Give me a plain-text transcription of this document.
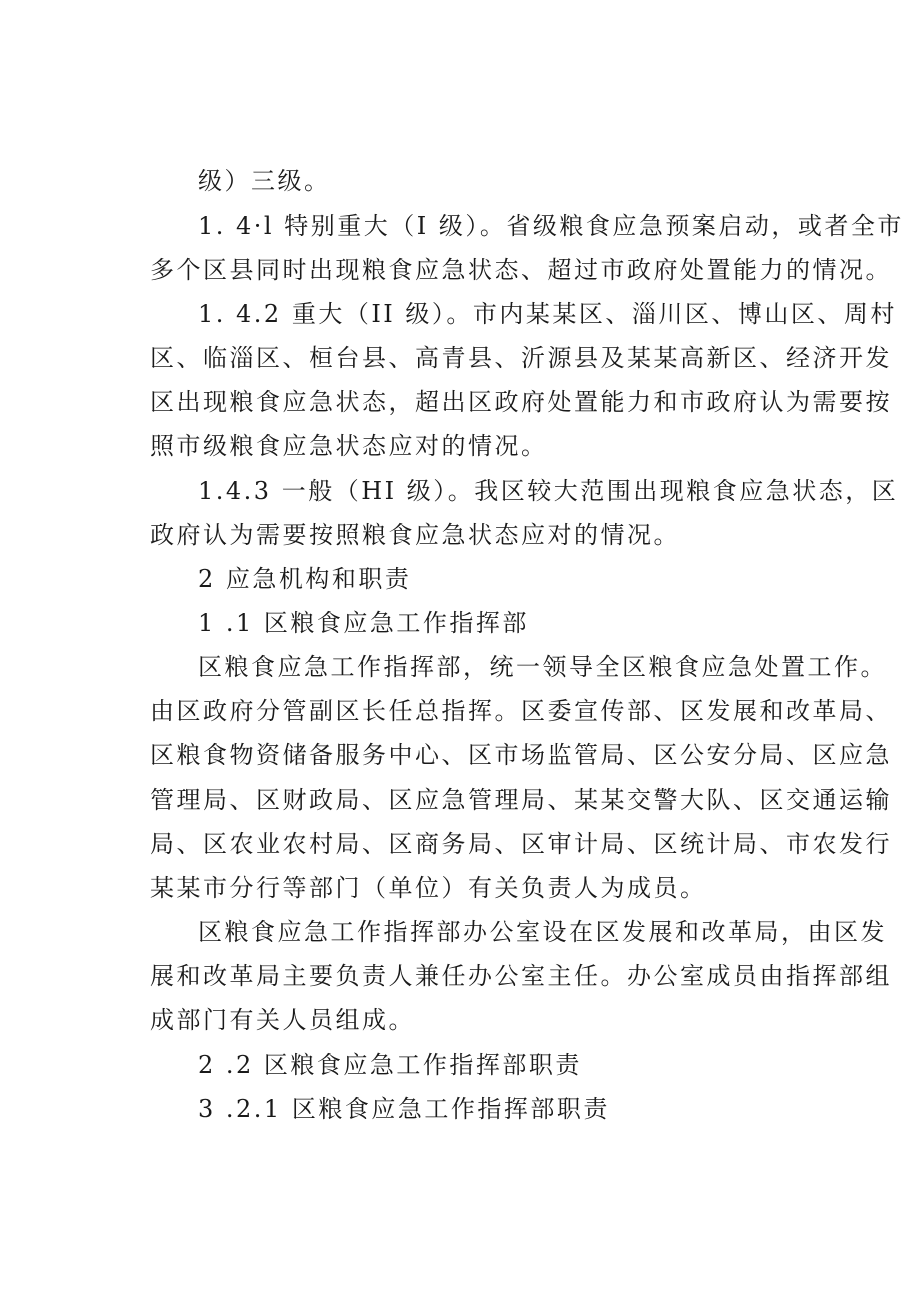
级）三级。
1. 4·l 特别重大（I 级）。省级粮食应急预案启动，或者全市
多个区县同时出现粮食应急状态、超过市政府处置能力的情况。
1. 4.2 重大（II 级）。市内某某区、淄川区、博山区、周村
区、临淄区、桓台县、高青县、沂源县及某某高新区、经济开发
区出现粮食应急状态，超出区政府处置能力和市政府认为需要按
照市级粮食应急状态应对的情况。
1.4.3 一般（HI 级）。我区较大范围出现粮食应急状态，区
政府认为需要按照粮食应急状态应对的情况。
2 应急机构和职责
1 .1 区粮食应急工作指挥部
区粮食应急工作指挥部，统一领导全区粮食应急处置工作。
由区政府分管副区长任总指挥。区委宣传部、区发展和改革局、
区粮食物资储备服务中心、区市场监管局、区公安分局、区应急
管理局、区财政局、区应急管理局、某某交警大队、区交通运输
局、区农业农村局、区商务局、区审计局、区统计局、市农发行
某某市分行等部门（单位）有关负责人为成员。
区粮食应急工作指挥部办公室设在区发展和改革局，由区发
展和改革局主要负责人兼任办公室主任。办公室成员由指挥部组
成部门有关人员组成。
2 .2 区粮食应急工作指挥部职责
3 .2.1 区粮食应急工作指挥部职责
